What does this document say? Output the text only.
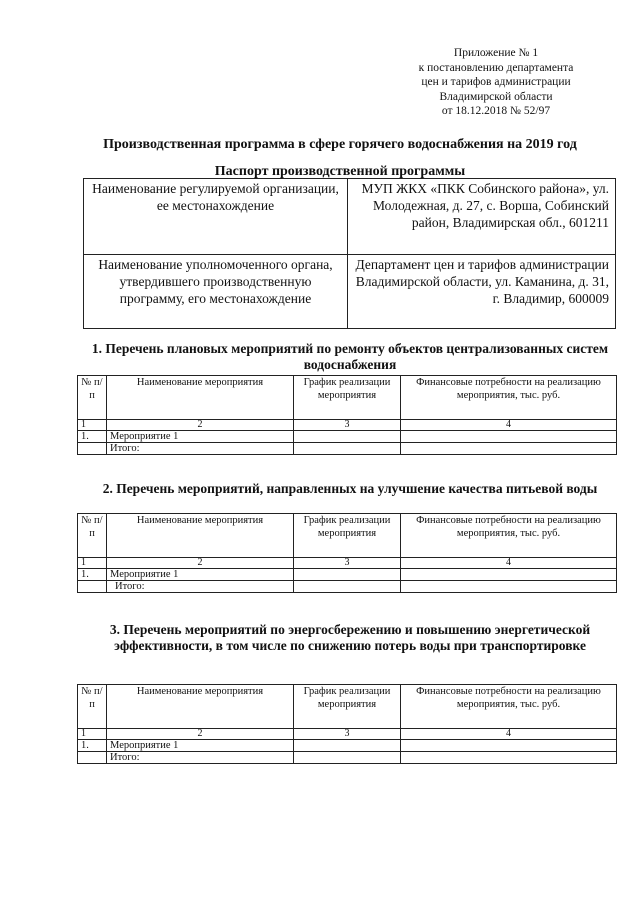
Приложение № 1
к постановлению департамента
цен и тарифов администрации
Владимирской области
от 18.12.2018 № 52/97
Производственная программа в сфере горячего водоснабжения на 2019 год
Паспорт производственной программы
Наименование регулируемой организации, ее местонахождение	МУП ЖКХ «ПКК Собинского района», ул. Молодежная, д. 27, с. Ворша, Собинский район, Владимирская обл., 601211
Наименование уполномоченного органа, утвердившего производственную программу, его местонахождение	Департамент цен и тарифов администрации Владимирской области, ул. Каманина, д. 31, г. Владимир, 600009
1. Перечень плановых мероприятий по ремонту объектов централизованных систем водоснабжения
№ п/п	Наименование мероприятия	График реализации мероприятия	Финансовые потребности на реализацию мероприятия, тыс. руб.
1	2	3	4
1.	Мероприятие 1		
	Итого:		
2. Перечень мероприятий, направленных на улучшение качества питьевой воды
№ п/п	Наименование мероприятия	График реализации мероприятия	Финансовые потребности на реализацию мероприятия, тыс. руб.
1	2	3	4
1.	Мероприятие 1		
	Итого:		
3. Перечень мероприятий по энергосбережению и повышению энергетической эффективности, в том числе по снижению потерь воды при транспортировке
№ п/п	Наименование мероприятия	График реализации мероприятия	Финансовые потребности на реализацию мероприятия, тыс. руб.
1	2	3	4
1.	Мероприятие 1		
	Итого:		
